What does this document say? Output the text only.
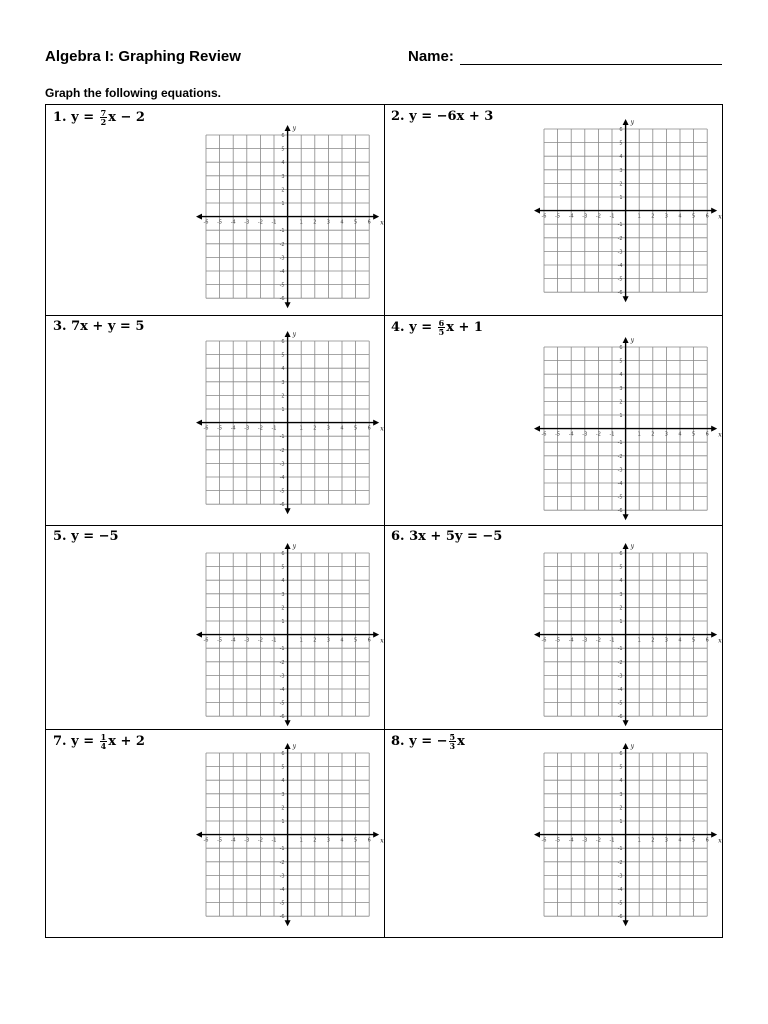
Algebra I: Graphing Review	Name:
Graph the following equations.
1. $y = \frac{7}{2}$ x − 2
-6 -5 -4 -3 -2 -1	1 2 3 4 5 6
6
5
4
3
2
1
-1
-2
-3
-4
-5
-6
x
y
2. y = −6x + 3
-6 -5 -4 -3 -2 -1	1 2 3 4 5 6
6
5
4
3
2
1
-1
-2
-3
-4
-5
-6
x
y
3. 7x + y = 5
-6 -5 -4 -3 -2 -1	1 2 3 4 5 6
6
5
4
3
2
1
-1
-2
-3
-4
-5
-6
x
y	4. $y = \frac{6}{5}$ x + 1
-6 -5 -4 -3 -2 -1	1 2 3 4 5 6
6
5
4
3
2
1
-1
-2
-3
-4
-5
-6
x
y
5. y = −5
-6 -5 -4 -3 -2 -1	1 2 3 4 5 6
6
5
4
3
2
1
-1
-2
-3
-4
-5
-6
x
y
6. 3x + 5y = −5
-6 -5 -4 -3 -2 -1	1 2 3 4 5 6
6
5
4
3
2
1
-1
-2
-3
-4
-5
-6
x
y
7. $y = \frac{1}{4}$ x + 2
-6 -5 -4 -3 -2 -1	1 2 3 4 5 6
6
5
4
3
2
1
-1
-2
-3
-4
-5
-6
x
y	8. y = − $\frac{5}{3}$ x
-6 -5 -4 -3 -2 -1	1 2 3 4 5 6
6
5
4
3
2
1
-1
-2
-3
-4
-5
-6
x
y
